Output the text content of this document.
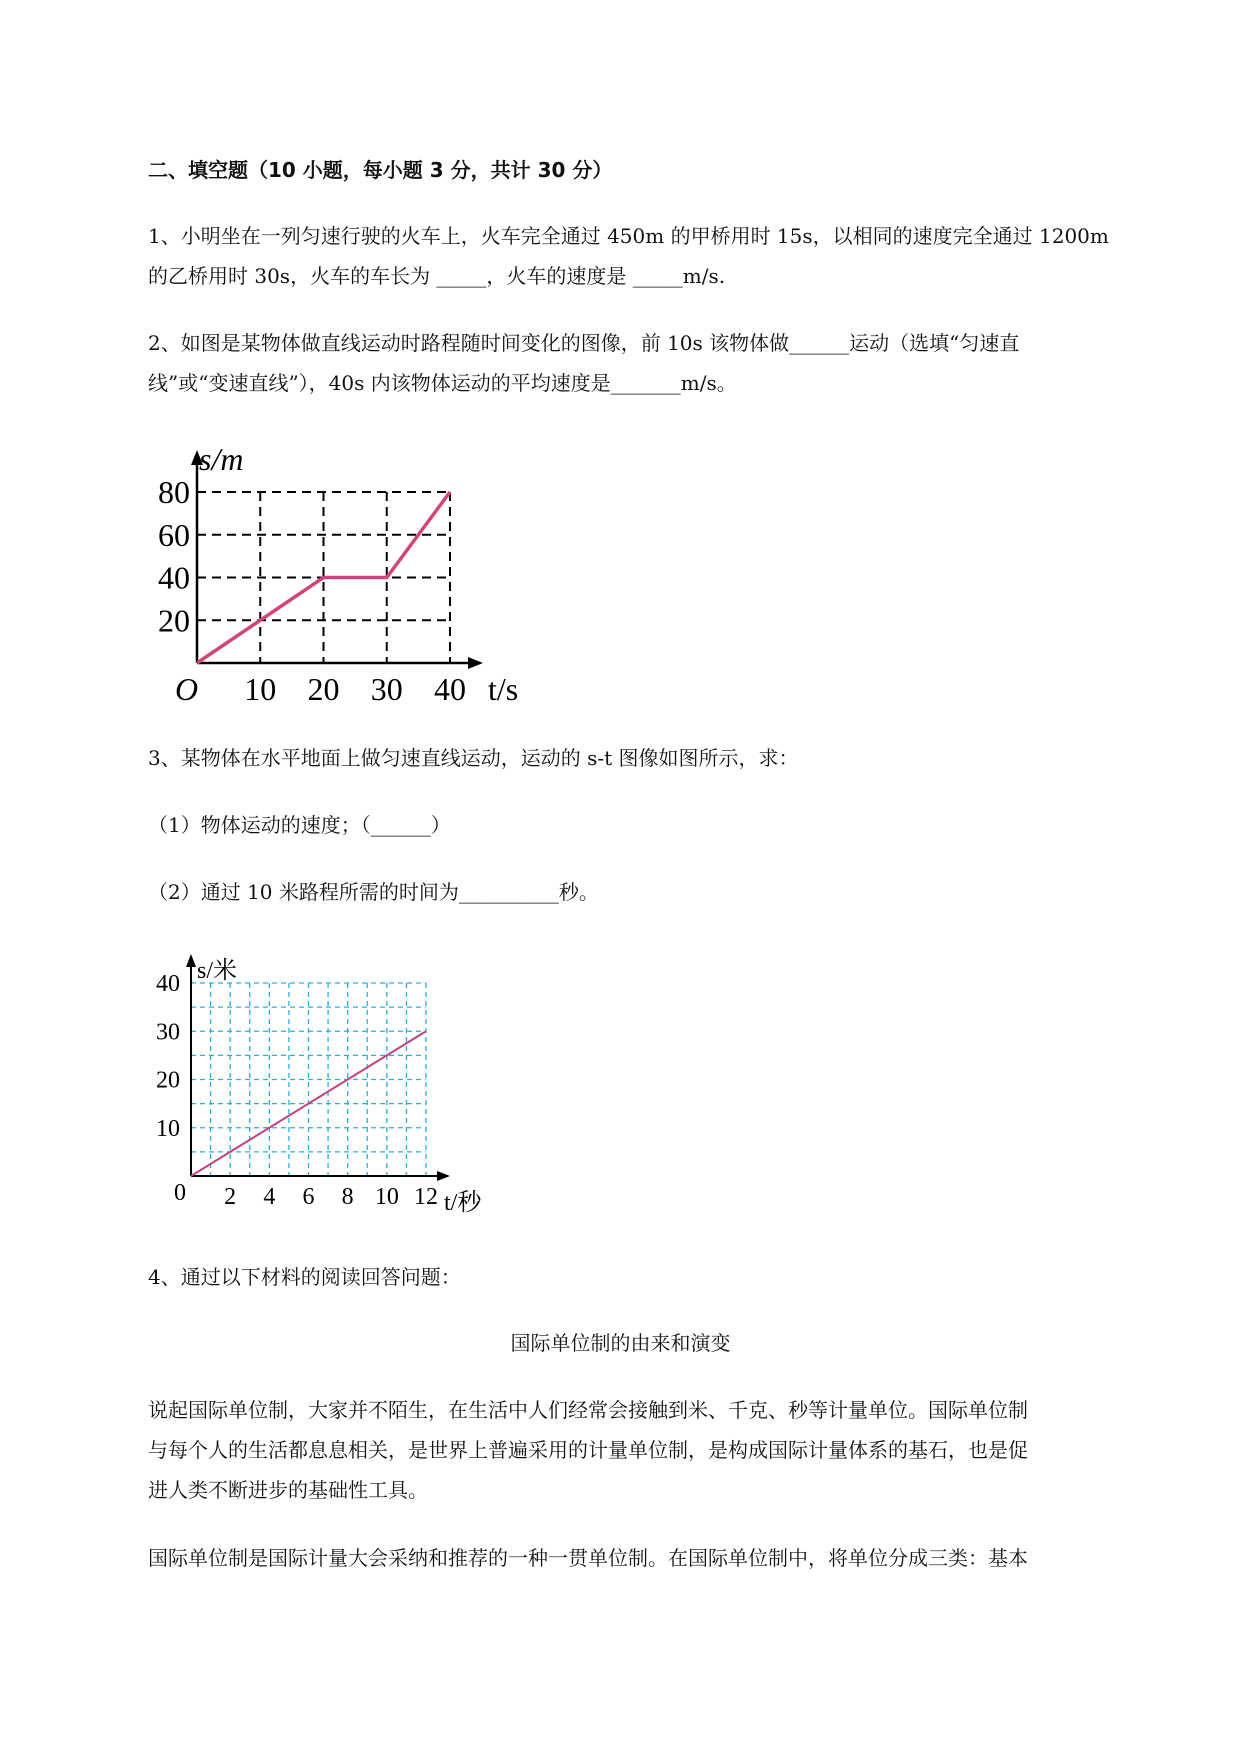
二、填空题（10 小题，每小题 3 分，共计 30 分）
1、小明坐在一列匀速行驶的火车上，火车完全通过 450m 的甲桥用时 15s，以相同的速度完全通过 1200m
的乙桥用时 30s，火车的车长为 _____，火车的速度是 _____m/s.
2、如图是某物体做直线运动时路程随时间变化的图像，前 10s 该物体做______运动（选填“匀速直
线”或“变速直线”），40s 内该物体运动的平均速度是_______m/s。
10 20 30 40
20
40
60
80
s/m
t/s
O
3、某物体在水平地面上做匀速直线运动，运动的 s-t 图像如图所示，求：
（1）物体运动的速度；（______）
（2）通过 10 米路程所需的时间为__________秒。
2 4 6 8 10 12
10
20
30
40 s/米
t/秒
0
4、通过以下材料的阅读回答问题：
国际单位制的由来和演变
说起国际单位制，大家并不陌生，在生活中人们经常会接触到米、千克、秒等计量单位。国际单位制
与每个人的生活都息息相关，是世界上普遍采用的计量单位制，是构成国际计量体系的基石，也是促
进人类不断进步的基础性工具。
国际单位制是国际计量大会采纳和推荐的一种一贯单位制。在国际单位制中，将单位分成三类：基本
